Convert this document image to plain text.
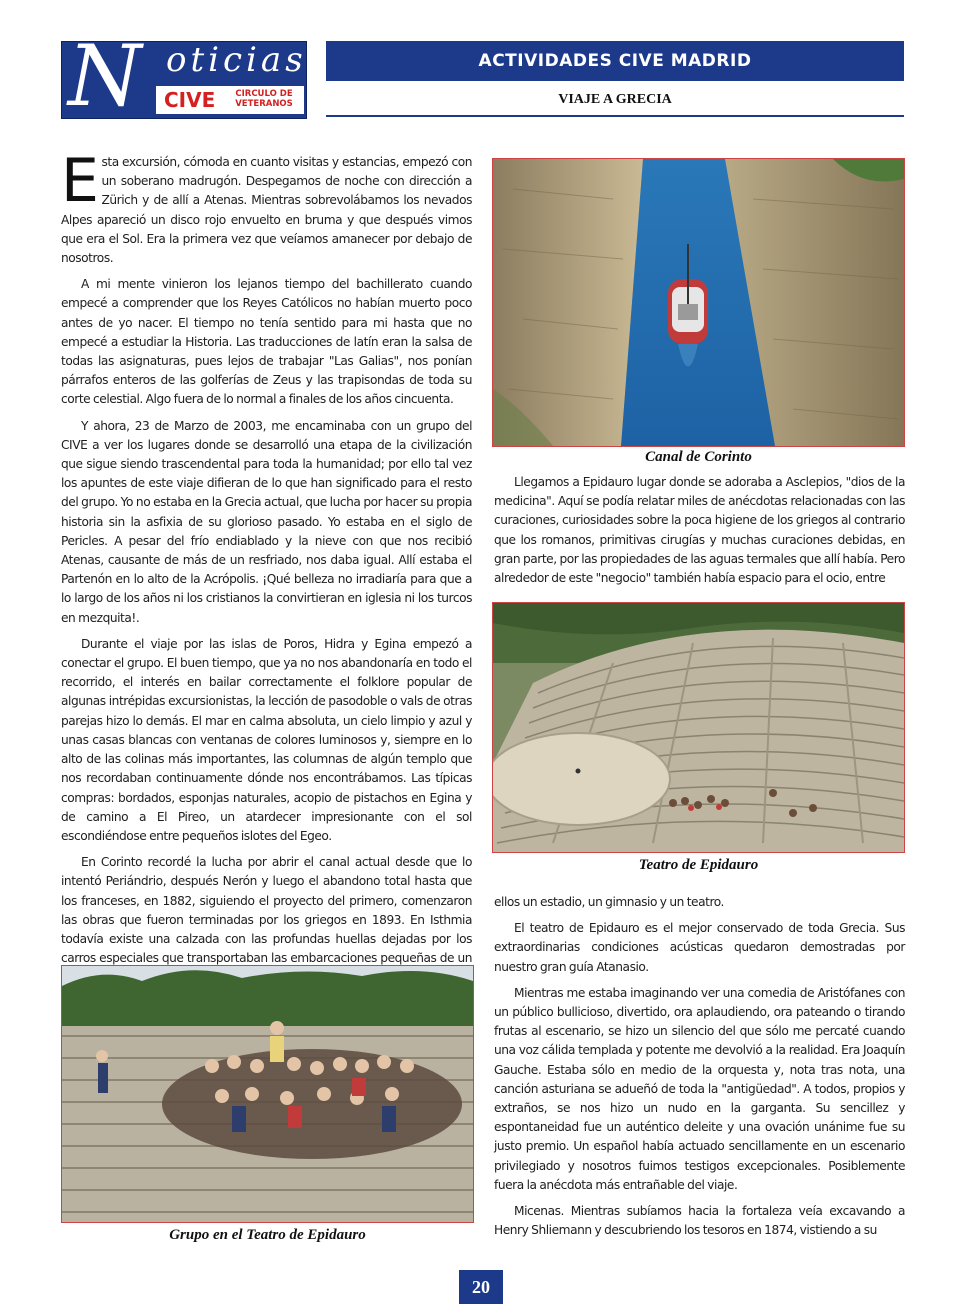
N oticias
CIVE	CIRCULO DE
VETERANOS
ACTIVIDADES CIVE MADRID
VIAJE A GRECIA

Esta excursión, cómoda en cuanto visitas y estancias, empezó con un soberano madrugón. Despegamos de noche con dirección a Zürich y de allí a Atenas. Mientras sobrevolábamos los nevados Alpes apareció un disco rojo envuelto en bruma y que después vimos que era el Sol. Era la primera vez que veíamos amanecer por debajo de nosotros.

A mi mente vinieron los lejanos tiempo del bachillerato cuando empecé a comprender que los Reyes Católicos no habían muerto poco antes de yo nacer. El tiempo no tenía sentido para mi hasta que no empecé a estudiar la Historia. Las traducciones de latín eran la salsa de todas las asignaturas, pues lejos de trabajar "Las Galias", nos ponían párrafos enteros de las golferías de Zeus y las trapisondas de toda su corte celestial. Algo fuera de lo normal a finales de los años cincuenta.

Y ahora, 23 de Marzo de 2003, me encaminaba con un grupo del CIVE a ver los lugares donde se desarrolló una etapa de la civilización que sigue siendo trascendental para toda la humanidad; por ello tal vez los apuntes de este viaje difieran de lo que han significado para el resto del grupo. Yo no estaba en la Grecia actual, que lucha por hacer su propia historia sin la asfixia de su glorioso pasado. Yo estaba en el siglo de Pericles. A pesar del frío endiablado y la nieve con que nos recibió Atenas, causante de más de un resfriado, nos daba igual. Allí estaba el Partenón en lo alto de la Acrópolis. ¡Qué belleza no irradiaría para que a lo largo de los años ni los cristianos la convirtieran en iglesia ni los turcos en mezquita!.

Durante el viaje por las islas de Poros, Hidra y Egina empezó a conectar el grupo. El buen tiempo, que ya no nos abandonaría en todo el recorrido, el interés en bailar correctamente el folklore popular de algunas intrépidas excursionistas, la lección de pasodoble o vals de otras parejas hizo lo demás. El mar en calma absoluta, un cielo limpio y azul y unas casas blancas con ventanas de colores luminosos y, siempre en lo alto de las colinas más importantes, las columnas de algún templo que nos recordaban continuamente dónde nos encontrábamos. Las típicas compras: bordados, esponjas naturales, acopio de pistachos en Egina y de camino a El Pireo, un atardecer impresionante con el sol escondiéndose entre pequeños islotes del Egeo.

En Corinto recordé la lucha por abrir el canal actual desde que lo intentó Periándrio, después Nerón y luego el abandono total hasta que los franceses, en 1882, siguiendo el proyecto del primero, comenzaron las obras que fueron terminadas por los griegos en 1893. En Isthmia todavía existe una calzada con las profundas huellas dejadas por los carros especiales que transportaban las embarcaciones pequeñas de un

Canal de Corinto

Llegamos a Epidauro lugar donde se adoraba a Asclepios, "dios de la medicina". Aquí se podía relatar miles de anécdotas relacionadas con las curaciones, curiosidades sobre la poca higiene de los griegos al contrario que los romanos, primitivas cirugías y muchas curaciones debidas, en gran parte, por las propiedades de las aguas termales que allí había. Pero alrededor de este "negocio" también había espacio para el ocio, entre

Teatro de Epidauro

ellos un estadio, un gimnasio y un teatro.

El teatro de Epidauro es el mejor conservado de toda Grecia. Sus extraordinarias condiciones acústicas quedaron demostradas por nuestro gran guía Atanasio.

Mientras me estaba imaginando ver una comedia de Aristófanes con un público bullicioso, divertido, ora aplaudiendo, ora pateando o tirando frutas al escenario, se hizo un silencio del que sólo me percaté cuando una voz cálida templada y potente me devolvió a la realidad. Era Joaquín Gauche. Estaba sólo en medio de la orquesta y, nota tras nota, una canción asturiana se adueñó de toda la "antigüedad". A todos, propios y extraños, se nos hizo un nudo en la garganta. Su sencillez y espontaneidad fue un auténtico deleite y una ovación unánime fue su justo premio. Un español había actuado sencillamente en un escenario privilegiado y nosotros fuimos testigos excepcionales. Posiblemente fuera la anécdota más entrañable del viaje.

Micenas. Mientras subíamos hacia la fortaleza veía excavando a Henry Shliemann y descubriendo los tesoros en 1874, vistiendo a su

Grupo en el Teatro de Epidauro
20
